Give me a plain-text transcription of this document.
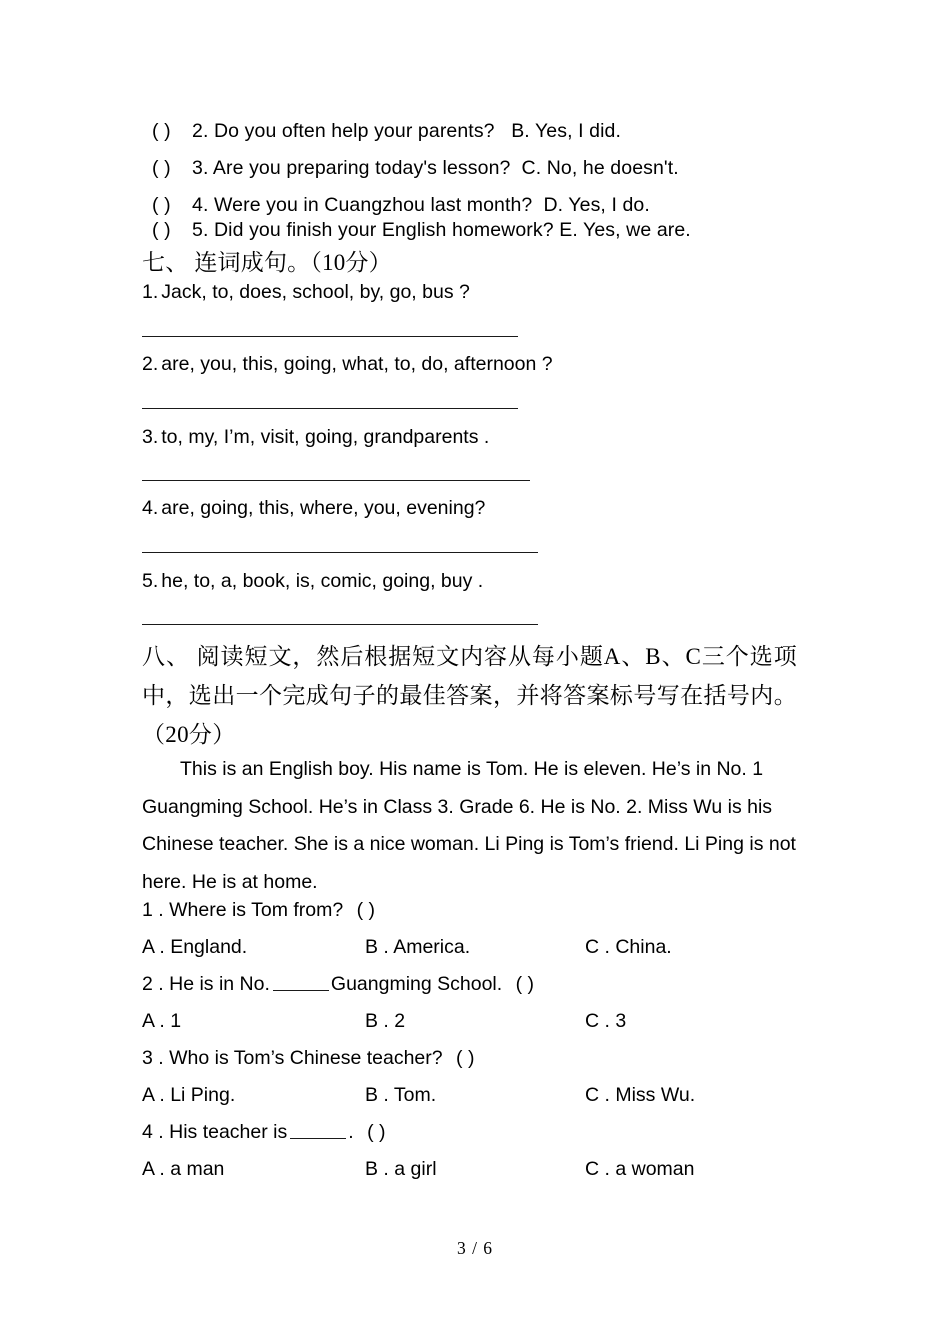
( ) 2. Do you often help your parents? B. Yes, I did.
( ) 3. Are you preparing today's lesson? C. No, he doesn't.
( ) 4. Were you in Cuangzhou last month? D. Yes, I do.
( ) 5. Did you finish your English homework? E. Yes, we are.
七、 连词成句。（10分）
1. Jack, to, does, school, by, go, bus ?
2. are, you, this, going, what, to, do, afternoon ?
3. to, my, I’m, visit, going, grandparents .
4. are, going, this, where, you, evening?
5. he, to, a, book, is, comic, going, buy .
八、 阅读短文，然后根据短文内容从每小题A、B、C三个选项中，选出一个完成句子的最佳答案，并将答案标号写在括号内。（20分）
This is an English boy. His name is Tom. He is eleven. He’s in No. 1 Guangming School. He’s in Class 3. Grade 6. He is No. 2. Miss Wu is his Chinese teacher. She is a nice woman. Li Ping is Tom’s friend. Li Ping is not here. He is at home.
1 . Where is Tom from? ( )
A . England.	B . America.	C . China.
2 . He is in No.	Guangming School. ( )
A . 1	B . 2	C . 3
3 . Who is Tom’s Chinese teacher? ( )
A . Li Ping.	B . Tom.	C . Miss Wu.
4 . His teacher is	. ( )
A . a man	B . a girl	C . a woman
3 / 6
